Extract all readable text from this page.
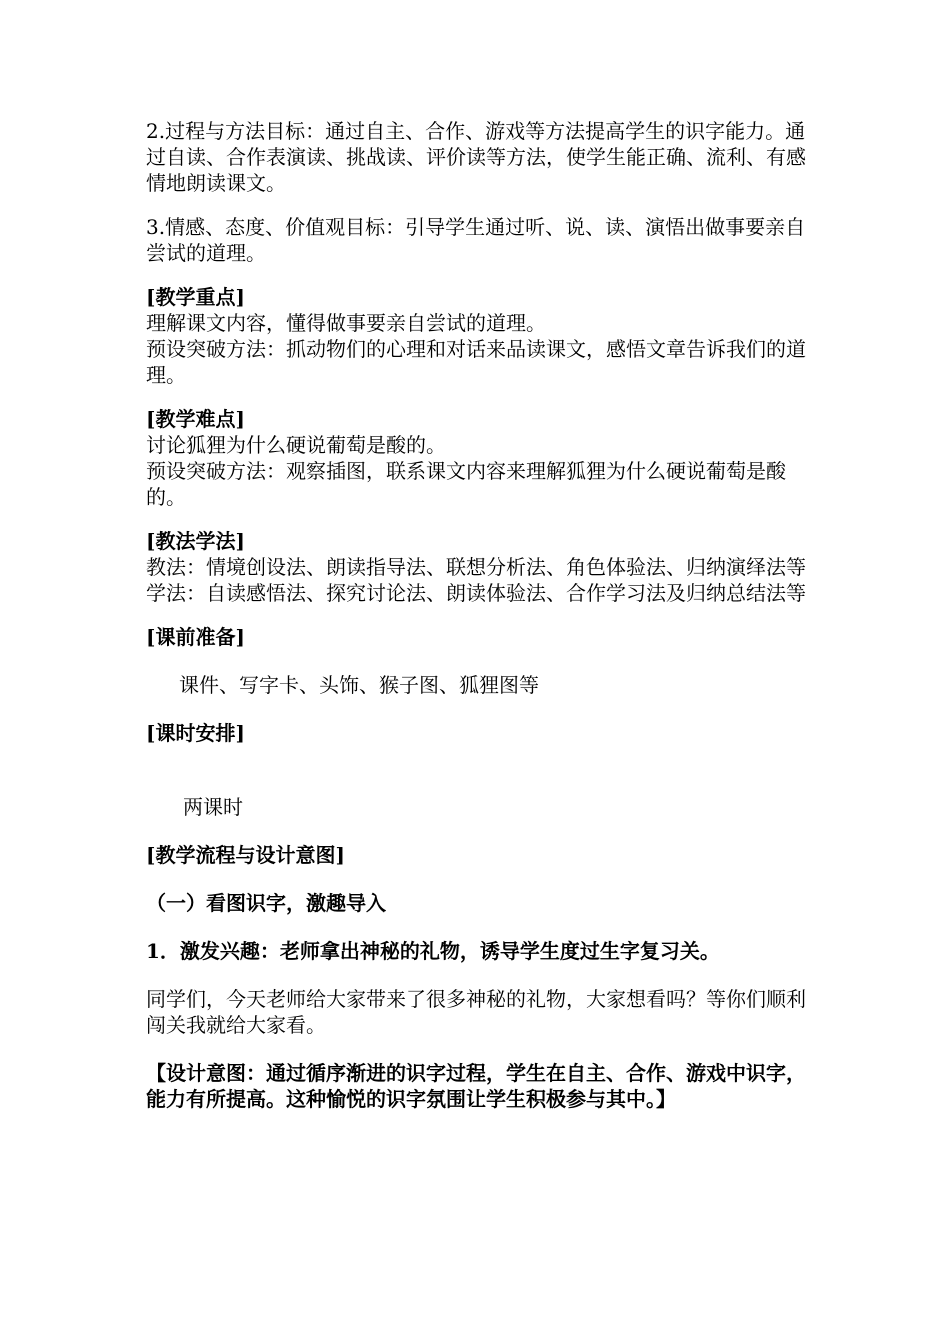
2.过程与方法目标：通过自主、合作、游戏等方法提高学生的识字能力。通过自读、合作表演读、挑战读、评价读等方法，使学生能正确、流利、有感情地朗读课文。

3.情感、态度、价值观目标：引导学生通过听、说、读、演悟出做事要亲自尝试的道理。

[教学重点]

理解课文内容，懂得做事要亲自尝试的道理。

预设突破方法：抓动物们的心理和对话来品读课文，感悟文章告诉我们的道理。

[教学难点]

讨论狐狸为什么硬说葡萄是酸的。

预设突破方法：观察插图，联系课文内容来理解狐狸为什么硬说葡萄是酸的。

[教法学法]

教法：情境创设法、朗读指导法、联想分析法、角色体验法、归纳演绎法等

学法：自读感悟法、探究讨论法、朗读体验法、合作学习法及归纳总结法等

[课前准备]

课件、写字卡、头饰、猴子图、狐狸图等

[课时安排]

两课时

[教学流程与设计意图]

（一）看图识字，激趣导入

1．激发兴趣：老师拿出神秘的礼物，诱导学生度过生字复习关。

同学们，今天老师给大家带来了很多神秘的礼物，大家想看吗？等你们顺利闯关我就给大家看。

【设计意图：通过循序渐进的识字过程，学生在自主、合作、游戏中识字，能力有所提高。这种愉悦的识字氛围让学生积极参与其中。】
